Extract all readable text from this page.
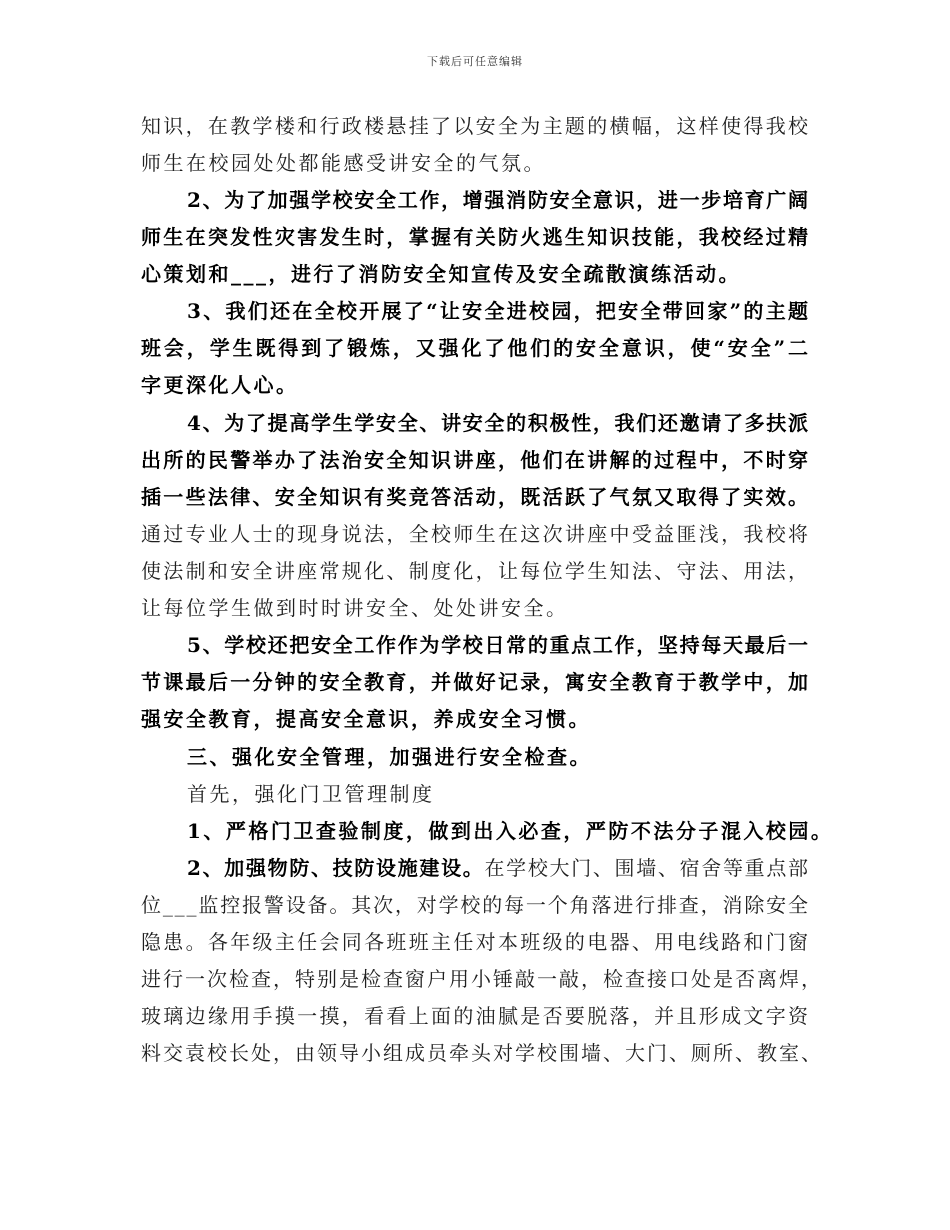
下载后可任意编辑
知识，在教学楼和行政楼悬挂了以安全为主题的横幅，这样使得我校
师生在校园处处都能感受讲安全的气氛。
2、为了加强学校安全工作，增强消防安全意识，进一步培育广阔
师生在突发性灾害发生时，掌握有关防火逃生知识技能，我校经过精
心策划和___，进行了消防安全知宣传及安全疏散演练活动。
3、我们还在全校开展了“让安全进校园，把安全带回家”的主题
班会，学生既得到了锻炼，又强化了他们的安全意识，使“安全”二
字更深化人心。
4、为了提高学生学安全、讲安全的积极性，我们还邀请了多扶派
出所的民警举办了法治安全知识讲座，他们在讲解的过程中，不时穿
插一些法律、安全知识有奖竞答活动，既活跃了气氛又取得了实效。
通过专业人士的现身说法，全校师生在这次讲座中受益匪浅，我校将
使法制和安全讲座常规化、制度化，让每位学生知法、守法、用法，
让每位学生做到时时讲安全、处处讲安全。
5、学校还把安全工作作为学校日常的重点工作，坚持每天最后一
节课最后一分钟的安全教育，并做好记录，寓安全教育于教学中，加
强安全教育，提高安全意识，养成安全习惯。
三、强化安全管理，加强进行安全检查。
首先，强化门卫管理制度
1、严格门卫查验制度，做到出入必查，严防不法分子混入校园。
2、加强物防、技防设施建设。在学校大门、围墙、宿舍等重点部
位___监控报警设备。其次，对学校的每一个角落进行排查，消除安全
隐患。各年级主任会同各班班主任对本班级的电器、用电线路和门窗
进行一次检查，特别是检查窗户用小锤敲一敲，检查接口处是否离焊，
玻璃边缘用手摸一摸，看看上面的油腻是否要脱落，并且形成文字资
料交袁校长处，由领导小组成员牵头对学校围墙、大门、厕所、教室、
